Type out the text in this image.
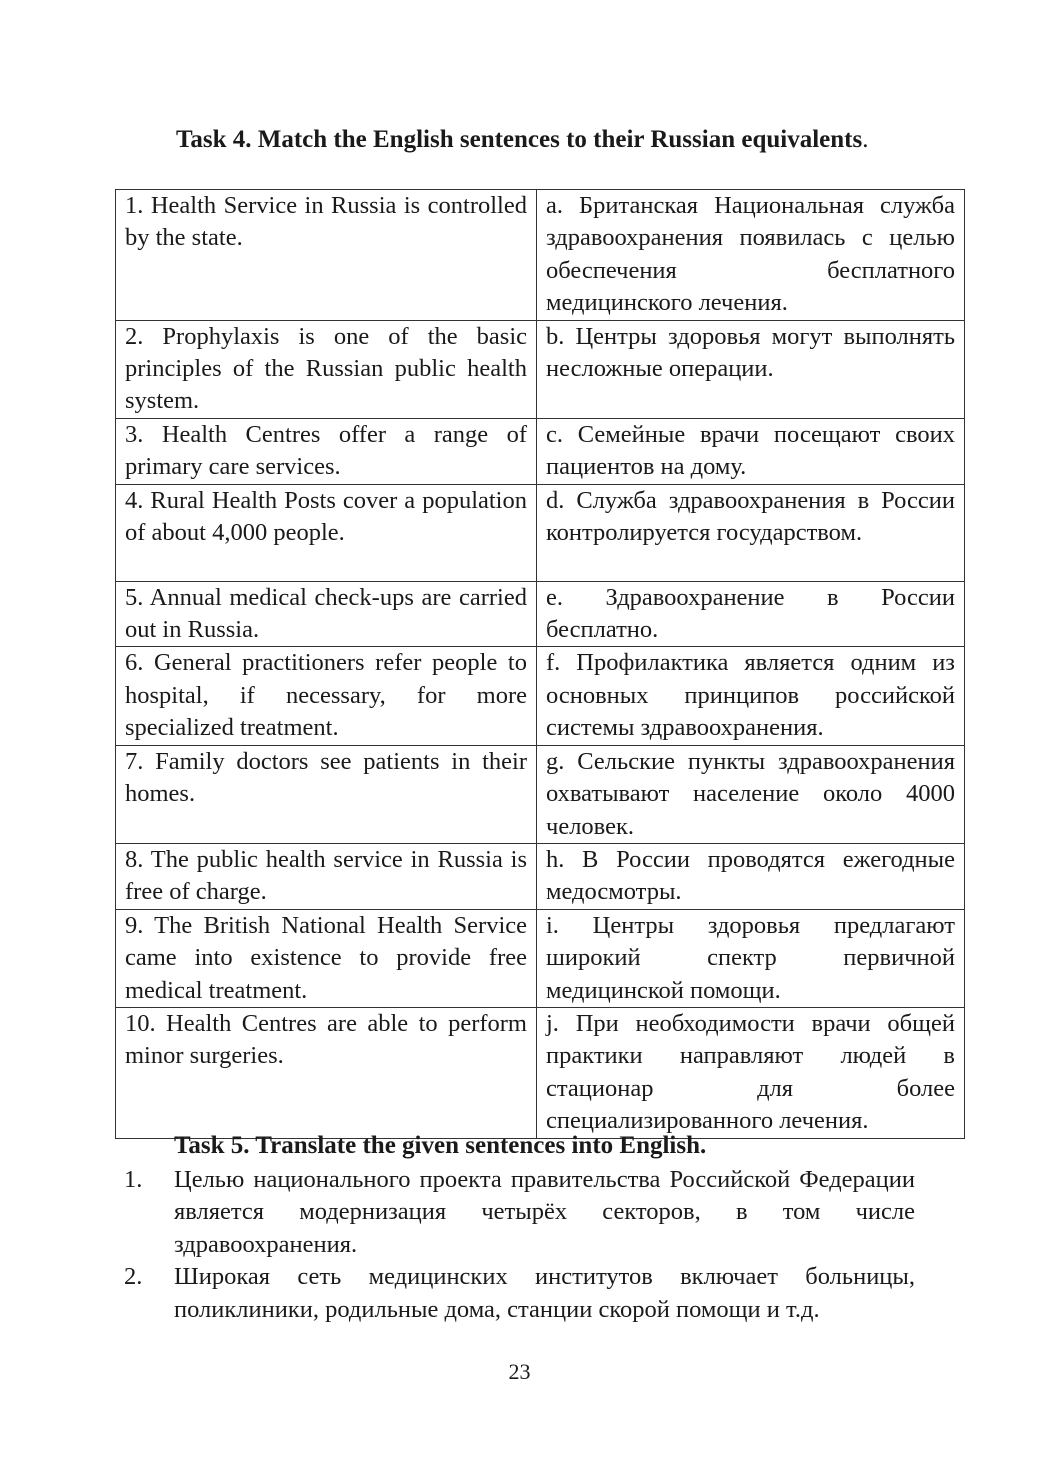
Task 4. Match the English sentences to their Russian equivalents.

1. Health Service in Russia is controlled by the state.	a. Британская Национальная служба здравоохранения появилась с целью обеспечения бесплатного медицинского лечения.
2. Prophylaxis is one of the basic principles of the Russian public health system.	b. Центры здоровья могут выполнять несложные операции.
3. Health Centres offer a range of primary care services.	c. Семейные врачи посещают своих пациентов на дому.
4. Rural Health Posts cover a population of about 4,000 people.	d. Служба здравоохранения в России контролируется государством.
5. Annual medical check-ups are carried out in Russia.	e. Здравоохранение в России бесплатно.
6. General practitioners refer people to hospital, if necessary, for more specialized treatment.	f. Профилактика является одним из основных принципов российской системы здравоохранения.
7. Family doctors see patients in their homes.	g. Сельские пункты здравоохранения охватывают население около 4000 человек.
8. The public health service in Russia is free of charge.	h. В России проводятся ежегодные медосмотры.
9. The British National Health Service came into existence to provide free medical treatment.	i. Центры здоровья предлагают широкий спектр первичной медицинской помощи.
10. Health Centres are able to perform minor surgeries.	j. При необходимости врачи общей практики направляют людей в стационар для более специализированного лечения.

Task 5. Translate the given sentences into English.

1. Целью национального проекта правительства Российской Федерации является модернизация четырёх секторов, в том числе здравоохранения.
2. Широкая сеть медицинских институтов включает больницы, поликлиники, родильные дома, станции скорой помощи и т.д.
23
